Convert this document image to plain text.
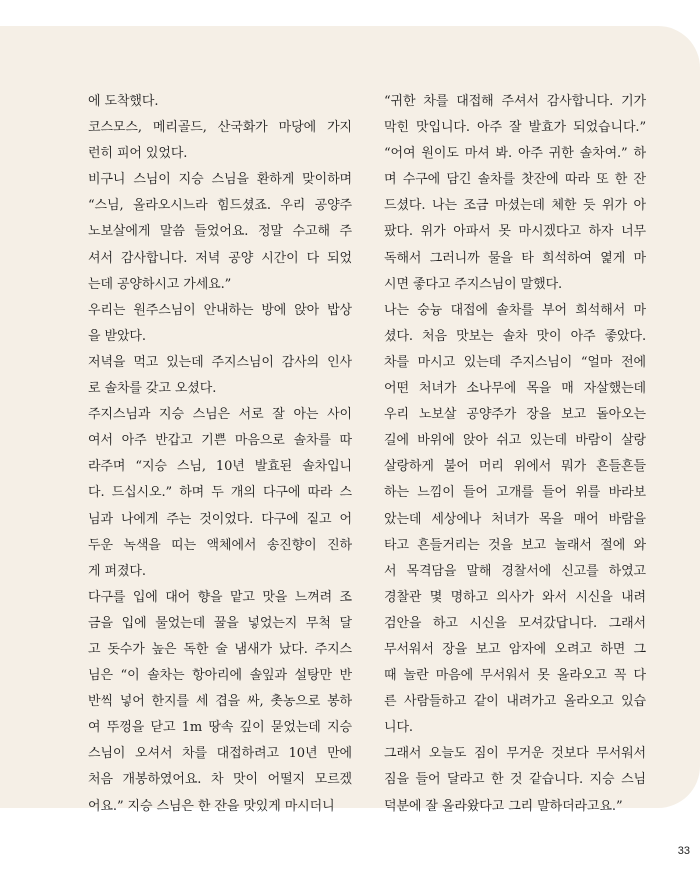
에 도착했다.
코스모스, 메리골드, 산국화가 마당에 가지
런히 피어 있었다.
비구니 스님이 지승 스님을 환하게 맞이하며
“스님, 올라오시느라 힘드셨죠. 우리 공양주
노보살에게 말씀 들었어요. 정말 수고해 주
셔서 감사합니다. 저녁 공양 시간이 다 되었
는데 공양하시고 가세요.”
우리는 원주스님이 안내하는 방에 앉아 밥상
을 받았다.
저녁을 먹고 있는데 주지스님이 감사의 인사
로 솔차를 갖고 오셨다.
주지스님과 지승 스님은 서로 잘 아는 사이
여서 아주 반갑고 기쁜 마음으로 솔차를 따
라주며 “지승 스님, 10년 발효된 솔차입니
다. 드십시오.” 하며 두 개의 다구에 따라 스
님과 나에게 주는 것이었다. 다구에 짙고 어
두운 녹색을 띠는 액체에서 송진향이 진하
게 퍼졌다.
다구를 입에 대어 향을 맡고 맛을 느껴려 조
금을 입에 물었는데 꿀을 넣었는지 무척 달
고 돗수가 높은 독한 술 냄새가 났다. 주지스
님은 “이 솔차는 항아리에 솔잎과 설탕만 반
반씩 넣어 한지를 세 겹을 싸, 촛농으로 봉하
여 뚜껑을 닫고 1m 땅속 깊이 묻었는데 지승
스님이 오셔서 차를 대접하려고 10년 만에
처음 개봉하였어요. 차 맛이 어떨지 모르겠
어요.” 지승 스님은 한 잔을 맛있게 마시더니
“귀한 차를 대접해 주셔서 감사합니다. 기가
막힌 맛입니다. 아주 잘 발효가 되었습니다.”
“어여 원이도 마셔 봐. 아주 귀한 솔차여.” 하
며 수구에 담긴 솔차를 찻잔에 따라 또 한 잔
드셨다. 나는 조금 마셨는데 체한 듯 위가 아
팠다. 위가 아파서 못 마시겠다고 하자 너무
독해서 그러니까 물을 타 희석하여 엹게 마
시면 좋다고 주지스님이 말했다.
나는 숭늉 대접에 솔차를 부어 희석해서 마
셨다. 처음 맛보는 솔차 맛이 아주 좋았다.
차를 마시고 있는데 주지스님이 “얼마 전에
어떤 처녀가 소나무에 목을 매 자살했는데
우리 노보살 공양주가 장을 보고 돌아오는
길에 바위에 앉아 쉬고 있는데 바람이 살랑
살랑하게 불어 머리 위에서 뭐가 흔들흔들
하는 느낌이 들어 고개를 들어 위를 바라보
았는데 세상에나 처녀가 목을 매어 바람을
타고 흔들거리는 것을 보고 놀래서 절에 와
서 목격담을 말해 경찰서에 신고를 하였고
경찰관 몇 명하고 의사가 와서 시신을 내려
검안을 하고 시신을 모셔갔답니다. 그래서
무서워서 장을 보고 암자에 오려고 하면 그
때 놀란 마음에 무서워서 못 올라오고 꼭 다
른 사람들하고 같이 내려가고 올라오고 있습
니다.
그래서 오늘도 짐이 무거운 것보다 무서워서
짐을 들어 달라고 한 것 같습니다. 지승 스님
덕분에 잘 올라왔다고 그리 말하더라고요.”
33
